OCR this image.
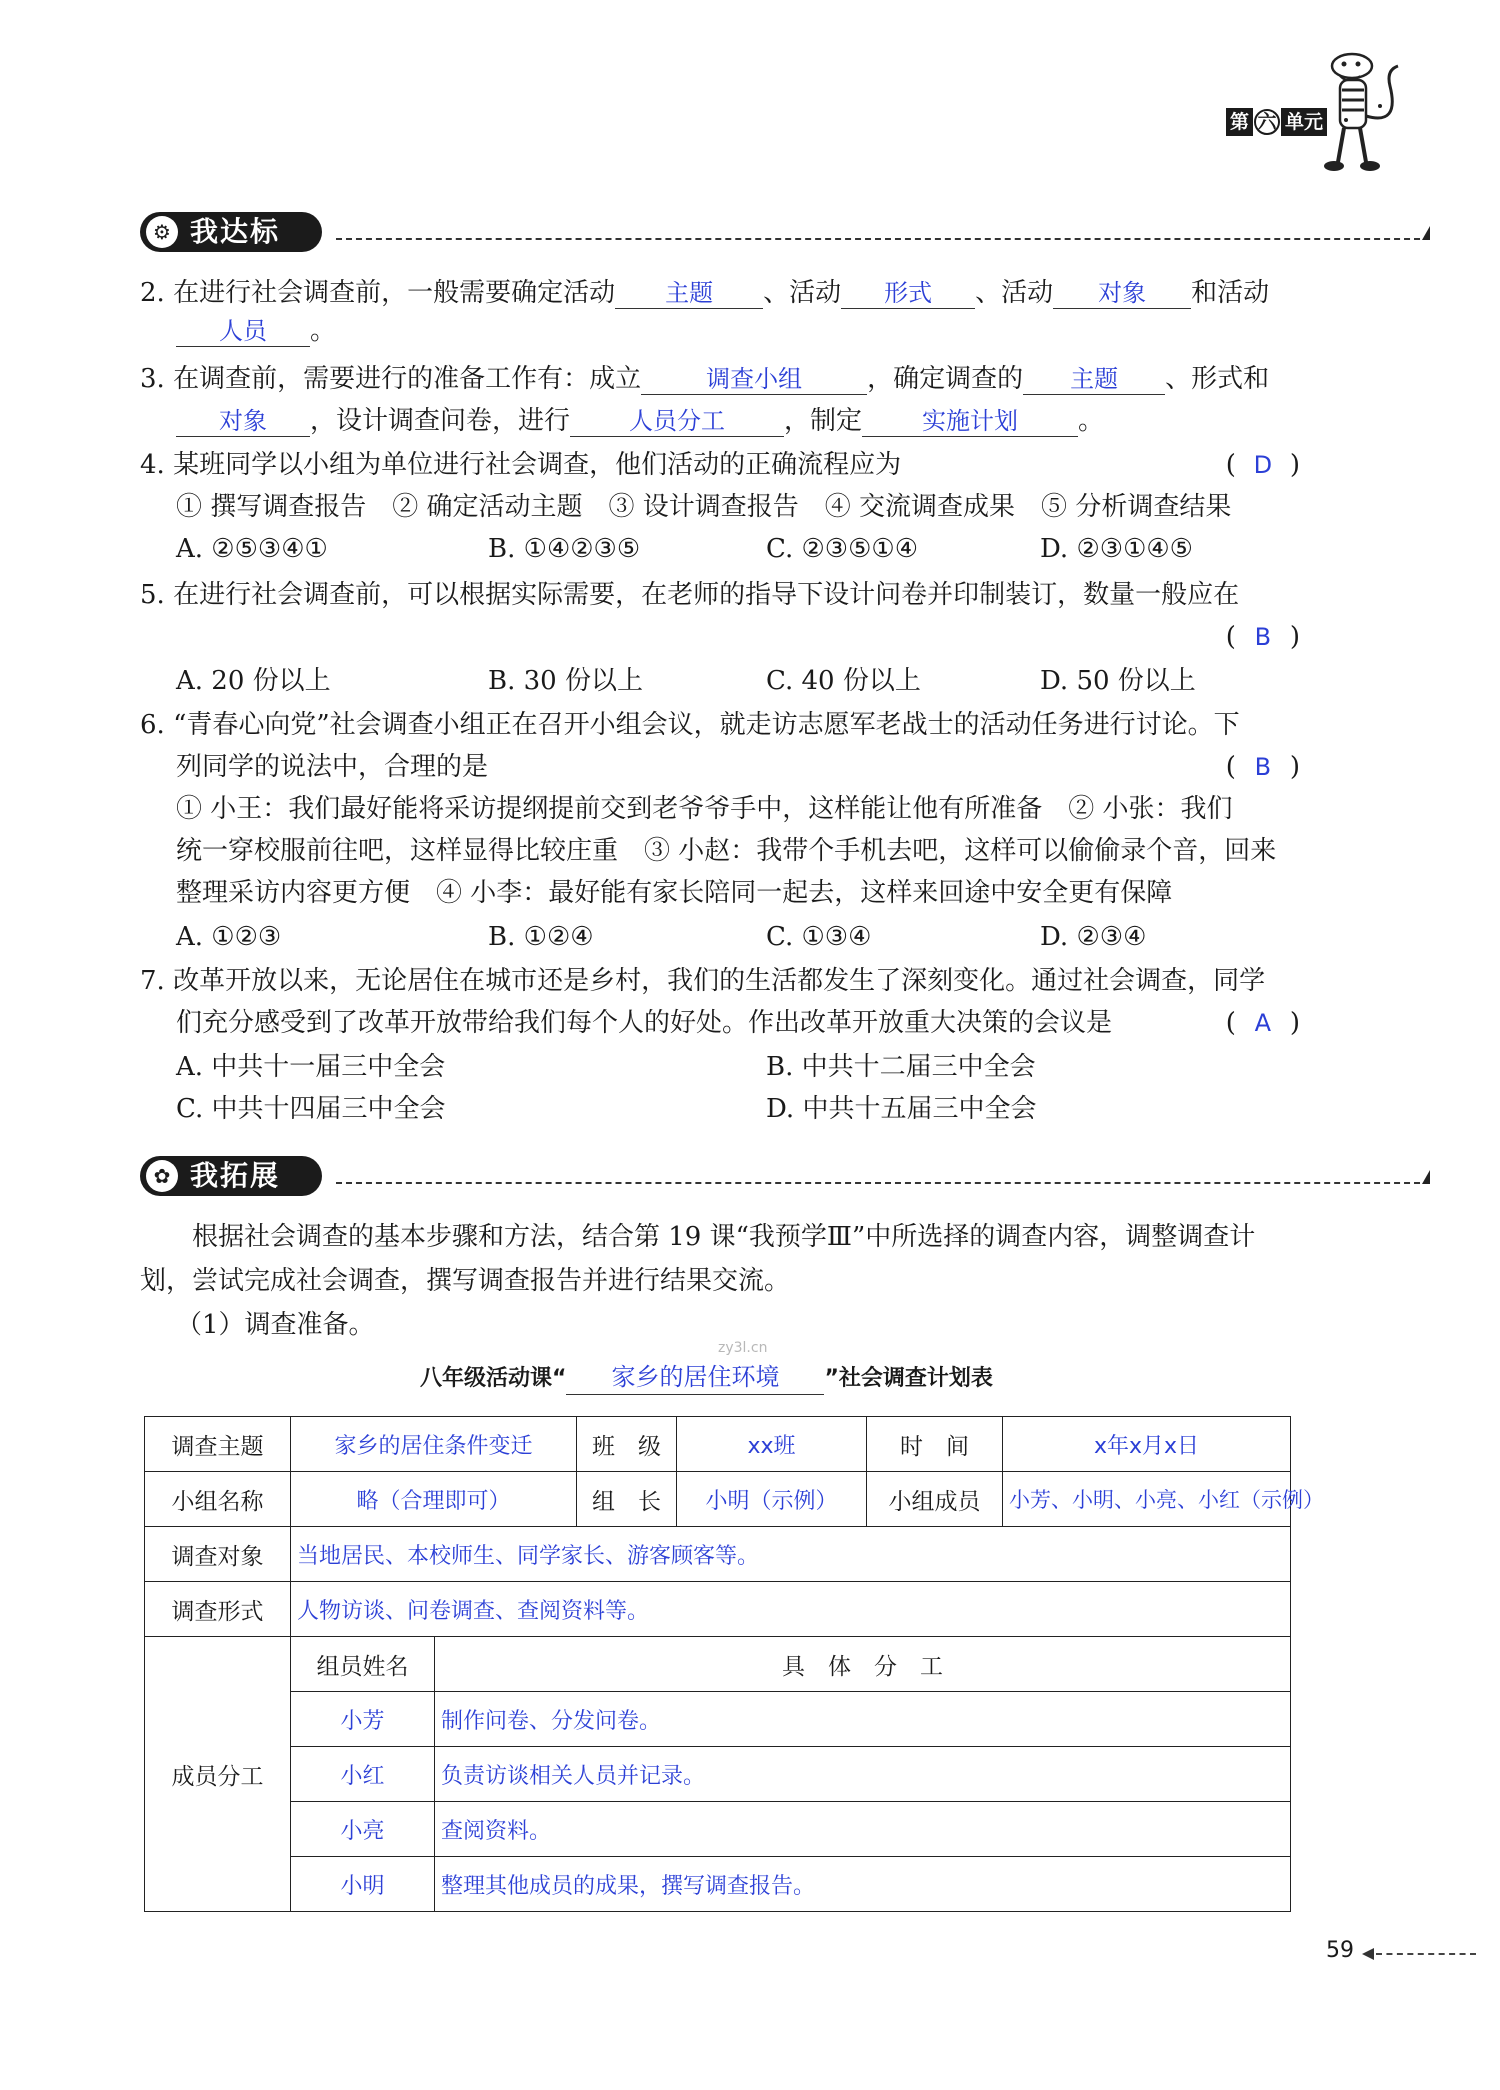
第 六 单元
⚙ 我达标
2. 在进行社会调查前，一般需要确定活动 主题 、活动 形式 、活动 对象 和活动
人员 。
3. 在调查前，需要进行的准备工作有：成立	调查小组	，确定调查的 主题 、形式和
对象 ，设计调查问卷，进行 人员分工 ，制定	实施计划 。
4. 某班同学以小组为单位进行社会调查，他们活动的正确流程应为	( D )
① 撰写调查报告　② 确定活动主题　③ 设计调查报告　④ 交流调查成果　⑤ 分析调查结果
A. ②⑤③④①	B. ①④②③⑤	C. ②③⑤①④	D. ②③①④⑤
5. 在进行社会调查前，可以根据实际需要，在老师的指导下设计问卷并印制装订，数量一般应在
( B )
A. 20 份以上	B. 30 份以上	C. 40 份以上	D. 50 份以上
6. “青春心向党”社会调查小组正在召开小组会议，就走访志愿军老战士的活动任务进行讨论。下
列同学的说法中，合理的是	( B )
① 小王：我们最好能将采访提纲提前交到老爷爷手中，这样能让他有所准备　② 小张：我们
统一穿校服前往吧，这样显得比较庄重　③ 小赵：我带个手机去吧，这样可以偷偷录个音，回来
整理采访内容更方便　④ 小李：最好能有家长陪同一起去，这样来回途中安全更有保障
A. ①②③	B. ①②④	C. ①③④	D. ②③④
7. 改革开放以来，无论居住在城市还是乡村，我们的生活都发生了深刻变化。通过社会调查，同学
们充分感受到了改革开放带给我们每个人的好处。作出改革开放重大决策的会议是	( A )
A. 中共十一届三中全会	B. 中共十二届三中全会
C. 中共十四届三中全会	D. 中共十五届三中全会
✿ 我拓展
根据社会调查的基本步骤和方法，结合第 19 课“我预学Ⅲ”中所选择的调查内容，调整调查计
划，尝试完成社会调查，撰写调查报告并进行结果交流。
（1）调查准备。
zy3l.cn
八年级活动课“ 家乡的居住环境 ”社会调查计划表
调查主题	家乡的居住条件变迁		班　级	xx班	时　间	x年x月x日
小组名称	略（合理即可）		组　长	小明（示例）	小组成员	小芳、小明、小亮、小红（示例）
调查对象	当地居民、本校师生、同学家长、游客顾客等。					
调查形式	人物访谈、问卷调查、查阅资料等。					
成员分工	组员姓名	具　体　分　工				
	小芳	制作问卷、分发问卷。				
	小红	负责访谈相关人员并记录。				
	小亮	查阅资料。				
	小明	整理其他成员的成果，撰写调查报告。				
59
